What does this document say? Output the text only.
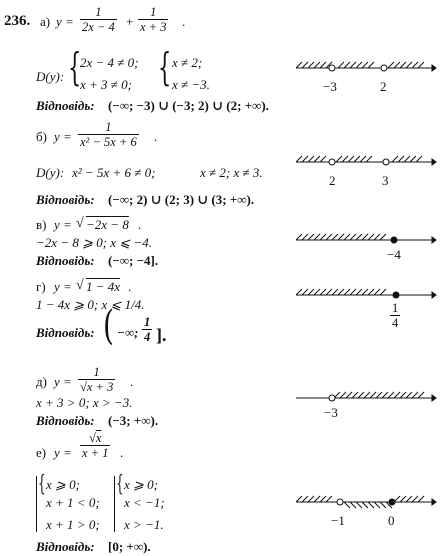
236. а) $y = \frac{1}{2x - 4} + \frac{1}{x + 3}$ .
D(y): {
2x − 4 ≠ 0;
x + 3 ≠ 0; { x ≠ 2;
x ≠ −3.
Відповідь: (−∞; −3) ∪ (−3; 2) ∪ (2; +∞).
−3	2
б) $y = \frac{1}{\text{x² − 5x + 6}}$ .
D(y): x² − 5x + 6 ≠ 0;	x ≠ 2; x ≠ 3.
Відповідь: (−∞; 2) ∪ (2; 3) ∪ (3; +∞).
2	3
в) y = √ −2x − 8 .
−2x − 8 ⩾ 0; x ⩽ −4.
Відповідь: (−∞; −4].	−4
г) y = √ 1 − 4x .
1 − 4x ⩾ 0; x ⩽ 1/4.
Відповідь: ( −∞; $\frac{1}{4}$ ].
$\frac{1}{4}$
д) $y = \frac{1}{√x + 3}$ .
x + 3 > 0; x > −3.
Відповідь: (−3; +∞).
−3
е) $y = \frac{√x}{x + 1}$ .
{ x ⩾ 0;
x + 1 < 0;
x + 1 > 0;
{ x ⩾ 0;
x < −1;
x > −1.
Відповідь: [0; +∞).
−1	0
